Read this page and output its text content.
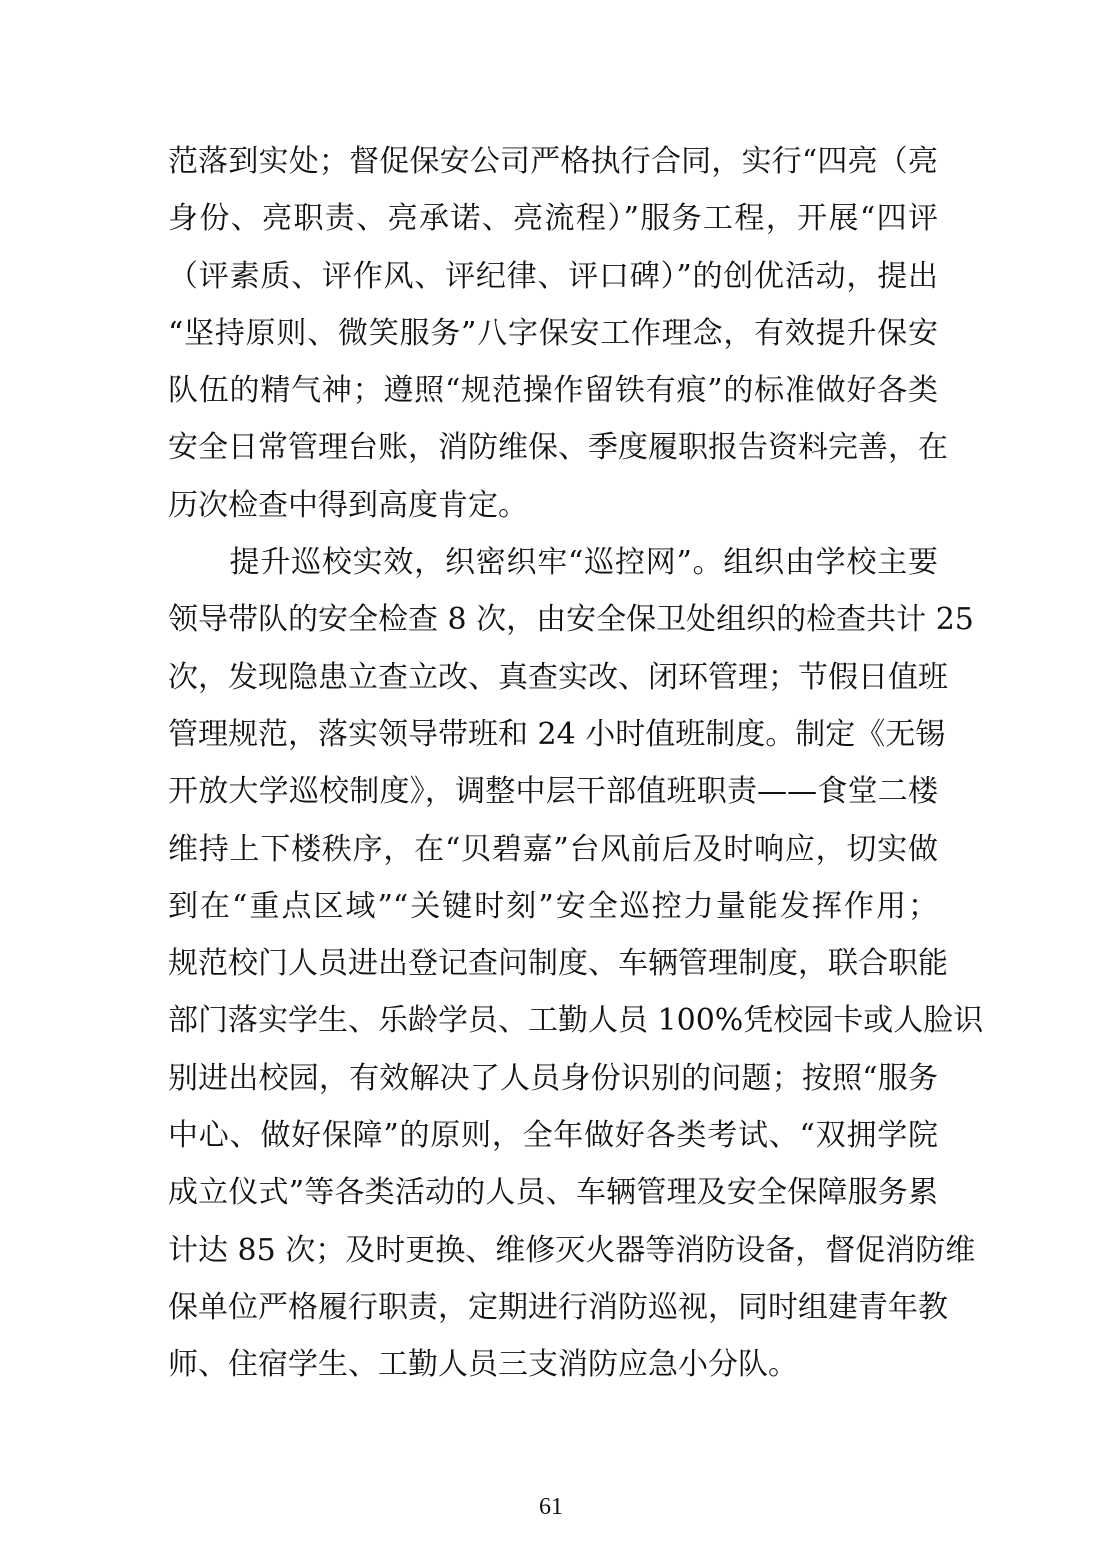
范落到实处；督促保安公司严格执行合同，实行“四亮（亮
身份、亮职责、亮承诺、亮流程）”服务工程，开展“四评
（评素质、评作风、评纪律、评口碑）”的创优活动，提出
“坚持原则、微笑服务”八字保安工作理念，有效提升保安
队伍的精气神；遵照“规范操作留铁有痕”的标准做好各类
安全日常管理台账，消防维保、季度履职报告资料完善，在
历次检查中得到高度肯定。
　　提升巡校实效，织密织牢“巡控网”。组织由学校主要
领导带队的安全检查 8 次，由安全保卫处组织的检查共计 25
次，发现隐患立查立改、真查实改、闭环管理；节假日值班
管理规范，落实领导带班和 24 小时值班制度。制定《无锡
开放大学巡校制度》，调整中层干部值班职责——食堂二楼
维持上下楼秩序，在“贝碧嘉”台风前后及时响应，切实做
到在“重点区域”“关键时刻”安全巡控力量能发挥作用；
规范校门人员进出登记查问制度、车辆管理制度，联合职能
部门落实学生、乐龄学员、工勤人员 100%凭校园卡或人脸识
别进出校园，有效解决了人员身份识别的问题；按照“服务
中心、做好保障”的原则，全年做好各类考试、“双拥学院
成立仪式”等各类活动的人员、车辆管理及安全保障服务累
计达 85 次；及时更换、维修灭火器等消防设备，督促消防维
保单位严格履行职责，定期进行消防巡视，同时组建青年教
师、住宿学生、工勤人员三支消防应急小分队。
61
